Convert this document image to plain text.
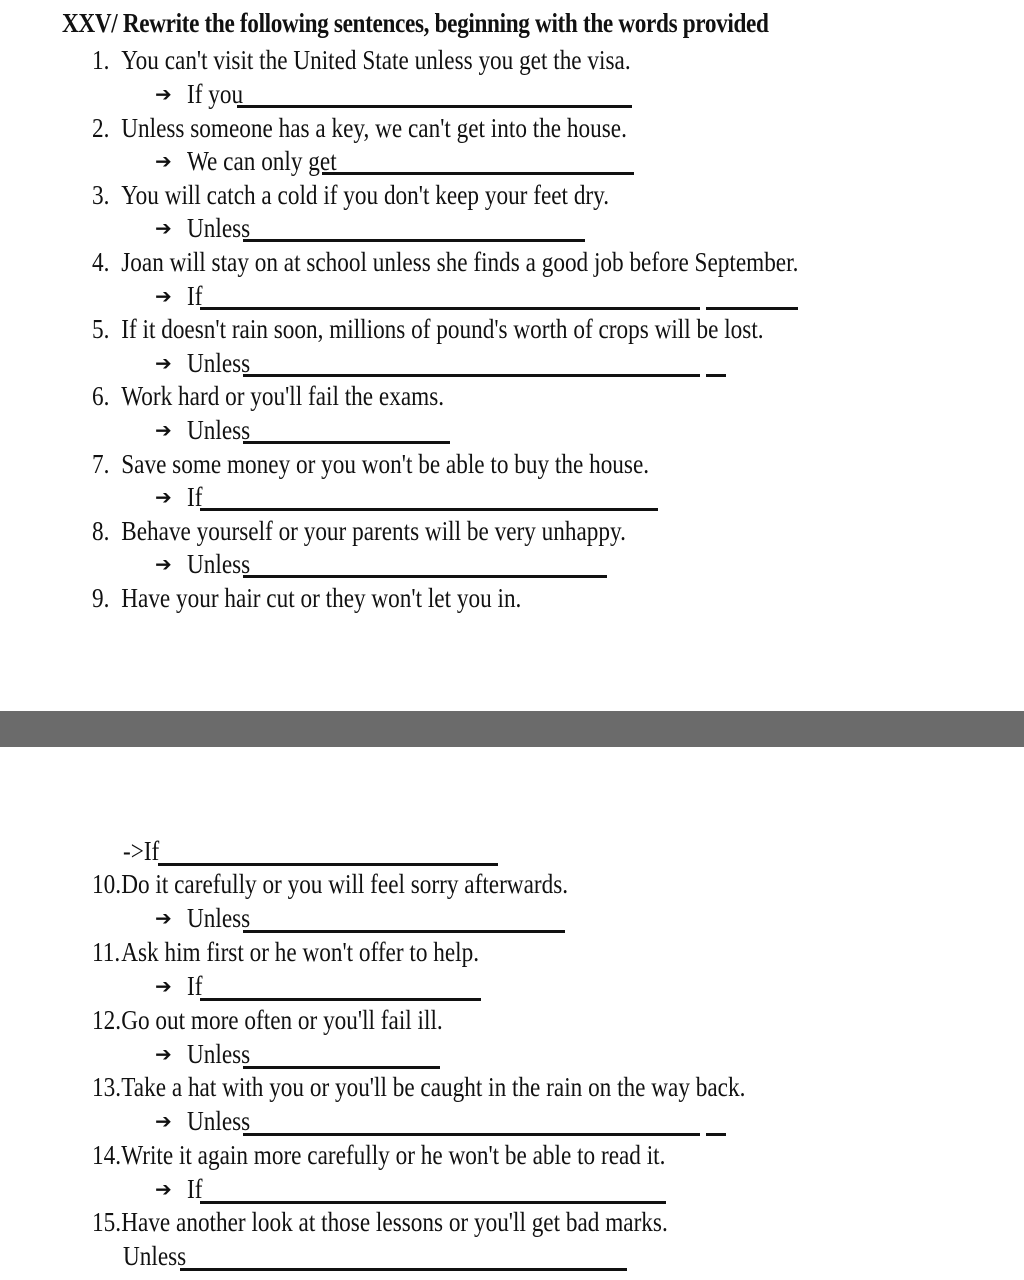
XXV/ Rewrite the following sentences, beginning with the words provided
1. You can't visit the United State unless you get the visa.
➔ If you
2. Unless someone has a key, we can't get into the house.
➔ We can only get
3. You will catch a cold if you don't keep your feet dry.
➔ Unless
4. Joan will stay on at school unless she finds a good job before September.
➔ If
5. If it doesn't rain soon, millions of pound's worth of crops will be lost.
➔ Unless
6. Work hard or you'll fail the exams.
➔ Unless
7. Save some money or you won't be able to buy the house.
➔ If
8. Behave yourself or your parents will be very unhappy.
➔ Unless
9. Have your hair cut or they won't let you in.
->If
10.Do it carefully or you will feel sorry afterwards.
➔ Unless
11.Ask him first or he won't offer to help.
➔ If
12.Go out more often or you'll fail ill.
➔ Unless
13.Take a hat with you or you'll be caught in the rain on the way back.
➔ Unless
14.Write it again more carefully or he won't be able to read it.
➔ If
15.Have another look at those lessons or you'll get bad marks.
Unless
